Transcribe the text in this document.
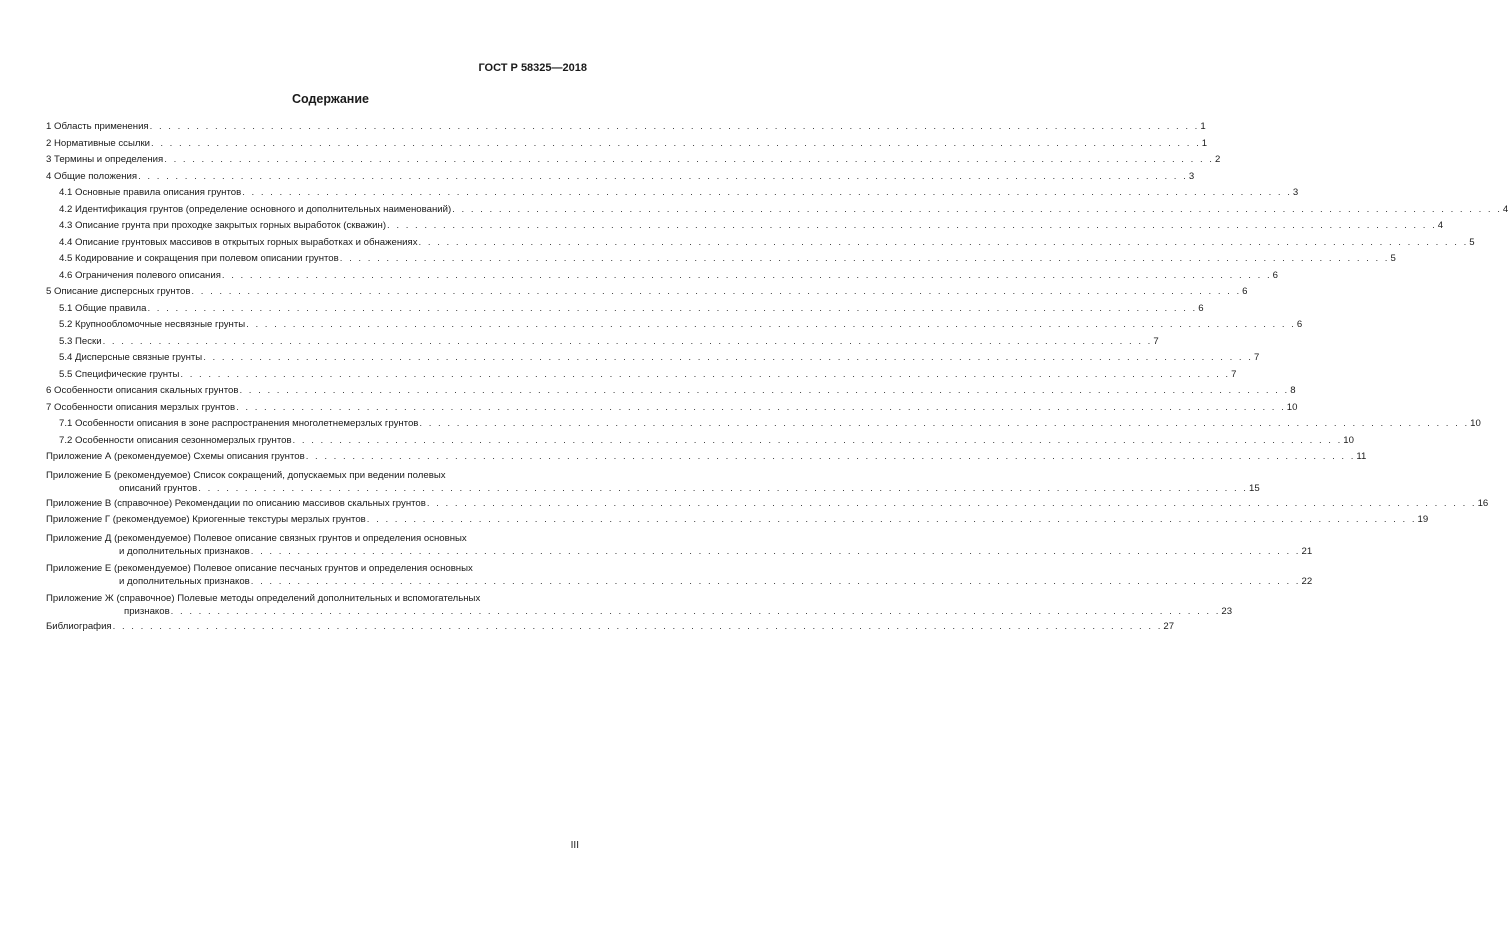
ГОСТ Р 58325—2018
Содержание
1 Область применения . . . . . . . . . . . . . . . . . . . . . . . . . . . . . . . . . . . . . . . . . . . . . . . . . . . . . . . . . . . . . . . . . . . . . . . . . . . . . . . . . . . . . . . . . . . . . . . . . . . . . . . . . . . . . . . . . 1
2 Нормативные ссылки . . . . . . . . . . . . . . . . . . . . . . . . . . . . . . . . . . . . . . . . . . . . . . . . . . . . . . . . . . . . . . . . . . . . . . . . . . . . . . . . . . . . . . . . . . . . . . . . . . . . . . . . . . . . . . . . . 1
3 Термины и определения . . . . . . . . . . . . . . . . . . . . . . . . . . . . . . . . . . . . . . . . . . . . . . . . . . . . . . . . . . . . . . . . . . . . . . . . . . . . . . . . . . . . . . . . . . . . . . . . . . . . . . . . . . . . . . . . . 2
4 Общие положения . . . . . . . . . . . . . . . . . . . . . . . . . . . . . . . . . . . . . . . . . . . . . . . . . . . . . . . . . . . . . . . . . . . . . . . . . . . . . . . . . . . . . . . . . . . . . . . . . . . . . . . . . . . . . . . . . 3
4.1 Основные правила описания грунтов . . . . . . . . . . . . . . . . . . . . . . . . . . . . . . . . . . . . . . . . . . . . . . . . . . . . . . . . . . . . . . . . . . . . . . . . . . . . . . . . . . . . . . . . . . . . . . . . . . . . . . . . . . . . . . . . . 3
4.2 Идентификация грунтов (определение основного и дополнительных наименований) . . . . . . . . . . . . . . . . . . . . . . . . . . . . . . . . . . . . . . . . . . . . . . . . . . . . . . . . . . . . . . . . . . . . . . . . . . . . . . . . . . . . . . . . . . . . . . . . . . . . . . . . . . . . . . . . . 4
4.3 Описание грунта при проходке закрытых горных выработок (скважин) . . . . . . . . . . . . . . . . . . . . . . . . . . . . . . . . . . . . . . . . . . . . . . . . . . . . . . . . . . . . . . . . . . . . . . . . . . . . . . . . . . . . . . . . . . . . . . . . . . . . . . . . . . . . . . . . . 4
4.4 Описание грунтовых массивов в открытых горных выработках и обнажениях . . . . . . . . . . . . . . . . . . . . . . . . . . . . . . . . . . . . . . . . . . . . . . . . . . . . . . . . . . . . . . . . . . . . . . . . . . . . . . . . . . . . . . . . . . . . . . . . . . . . . . . . . . . . . . . . . 5
4.5 Кодирование и сокращения при полевом описании грунтов . . . . . . . . . . . . . . . . . . . . . . . . . . . . . . . . . . . . . . . . . . . . . . . . . . . . . . . . . . . . . . . . . . . . . . . . . . . . . . . . . . . . . . . . . . . . . . . . . . . . . . . . . . . . . . . . . 5
4.6 Ограничения полевого описания . . . . . . . . . . . . . . . . . . . . . . . . . . . . . . . . . . . . . . . . . . . . . . . . . . . . . . . . . . . . . . . . . . . . . . . . . . . . . . . . . . . . . . . . . . . . . . . . . . . . . . . . . . . . . . . . . 6
5 Описание дисперсных грунтов . . . . . . . . . . . . . . . . . . . . . . . . . . . . . . . . . . . . . . . . . . . . . . . . . . . . . . . . . . . . . . . . . . . . . . . . . . . . . . . . . . . . . . . . . . . . . . . . . . . . . . . . . . . . . . . . . 6
5.1 Общие правила . . . . . . . . . . . . . . . . . . . . . . . . . . . . . . . . . . . . . . . . . . . . . . . . . . . . . . . . . . . . . . . . . . . . . . . . . . . . . . . . . . . . . . . . . . . . . . . . . . . . . . . . . . . . . . . . . 6
5.2 Крупнообломочные несвязные грунты . . . . . . . . . . . . . . . . . . . . . . . . . . . . . . . . . . . . . . . . . . . . . . . . . . . . . . . . . . . . . . . . . . . . . . . . . . . . . . . . . . . . . . . . . . . . . . . . . . . . . . . . . . . . . . . . . 6
5.3 Пески . . . . . . . . . . . . . . . . . . . . . . . . . . . . . . . . . . . . . . . . . . . . . . . . . . . . . . . . . . . . . . . . . . . . . . . . . . . . . . . . . . . . . . . . . . . . . . . . . . . . . . . . . . . . . . . . . 7
5.4 Дисперсные связные грунты . . . . . . . . . . . . . . . . . . . . . . . . . . . . . . . . . . . . . . . . . . . . . . . . . . . . . . . . . . . . . . . . . . . . . . . . . . . . . . . . . . . . . . . . . . . . . . . . . . . . . . . . . . . . . . . . . 7
5.5 Специфические грунты . . . . . . . . . . . . . . . . . . . . . . . . . . . . . . . . . . . . . . . . . . . . . . . . . . . . . . . . . . . . . . . . . . . . . . . . . . . . . . . . . . . . . . . . . . . . . . . . . . . . . . . . . . . . . . . . . 7
6 Особенности описания скальных грунтов . . . . . . . . . . . . . . . . . . . . . . . . . . . . . . . . . . . . . . . . . . . . . . . . . . . . . . . . . . . . . . . . . . . . . . . . . . . . . . . . . . . . . . . . . . . . . . . . . . . . . . . . . . . . . . . . . 8
7 Особенности описания мерзлых грунтов . . . . . . . . . . . . . . . . . . . . . . . . . . . . . . . . . . . . . . . . . . . . . . . . . . . . . . . . . . . . . . . . . . . . . . . . . . . . . . . . . . . . . . . . . . . . . . . . . . . . . . . . . . . . . . . . . 10
7.1 Особенности описания в зоне распространения многолетнемерзлых грунтов . . . . . . . . . . . . . . . . . . . . . . . . . . . . . . . . . . . . . . . . . . . . . . . . . . . . . . . . . . . . . . . . . . . . . . . . . . . . . . . . . . . . . . . . . . . . . . . . . . . . . . . . . . . . . . . . . 10
7.2 Особенности описания сезонномерзлых грунтов . . . . . . . . . . . . . . . . . . . . . . . . . . . . . . . . . . . . . . . . . . . . . . . . . . . . . . . . . . . . . . . . . . . . . . . . . . . . . . . . . . . . . . . . . . . . . . . . . . . . . . . . . . . . . . . . . 10
Приложение А (рекомендуемое) Схемы описания грунтов . . . . . . . . . . . . . . . . . . . . . . . . . . . . . . . . . . . . . . . . . . . . . . . . . . . . . . . . . . . . . . . . . . . . . . . . . . . . . . . . . . . . . . . . . . . . . . . . . . . . . . . . . . . . . . . . . 11
Приложение Б (рекомендуемое) Список сокращений, допускаемых при ведении полевых
описаний грунтов . . . . . . . . . . . . . . . . . . . . . . . . . . . . . . . . . . . . . . . . . . . . . . . . . . . . . . . . . . . . . . . . . . . . . . . . . . . . . . . . . . . . . . . . . . . . . . . . . . . . . . . . . . . . . . . . . 15
Приложение В (справочное) Рекомендации по описанию массивов скальных грунтов . . . . . . . . . . . . . . . . . . . . . . . . . . . . . . . . . . . . . . . . . . . . . . . . . . . . . . . . . . . . . . . . . . . . . . . . . . . . . . . . . . . . . . . . . . . . . . . . . . . . . . . . . . . . . . . . . 16
Приложение Г (рекомендуемое) Криогенные текстуры мерзлых грунтов . . . . . . . . . . . . . . . . . . . . . . . . . . . . . . . . . . . . . . . . . . . . . . . . . . . . . . . . . . . . . . . . . . . . . . . . . . . . . . . . . . . . . . . . . . . . . . . . . . . . . . . . . . . . . . . . . 19
Приложение Д (рекомендуемое) Полевое описание связных грунтов и определения основных
и дополнительных признаков . . . . . . . . . . . . . . . . . . . . . . . . . . . . . . . . . . . . . . . . . . . . . . . . . . . . . . . . . . . . . . . . . . . . . . . . . . . . . . . . . . . . . . . . . . . . . . . . . . . . . . . . . . . . . . . . . 21
Приложение Е (рекомендуемое) Полевое описание песчаных грунтов и определения основных
и дополнительных признаков . . . . . . . . . . . . . . . . . . . . . . . . . . . . . . . . . . . . . . . . . . . . . . . . . . . . . . . . . . . . . . . . . . . . . . . . . . . . . . . . . . . . . . . . . . . . . . . . . . . . . . . . . . . . . . . . . 22
Приложение Ж (справочное) Полевые методы определений дополнительных и вспомогательных
признаков . . . . . . . . . . . . . . . . . . . . . . . . . . . . . . . . . . . . . . . . . . . . . . . . . . . . . . . . . . . . . . . . . . . . . . . . . . . . . . . . . . . . . . . . . . . . . . . . . . . . . . . . . . . . . . . . . 23
Библиография . . . . . . . . . . . . . . . . . . . . . . . . . . . . . . . . . . . . . . . . . . . . . . . . . . . . . . . . . . . . . . . . . . . . . . . . . . . . . . . . . . . . . . . . . . . . . . . . . . . . . . . . . . . . . . . . . 27
III
